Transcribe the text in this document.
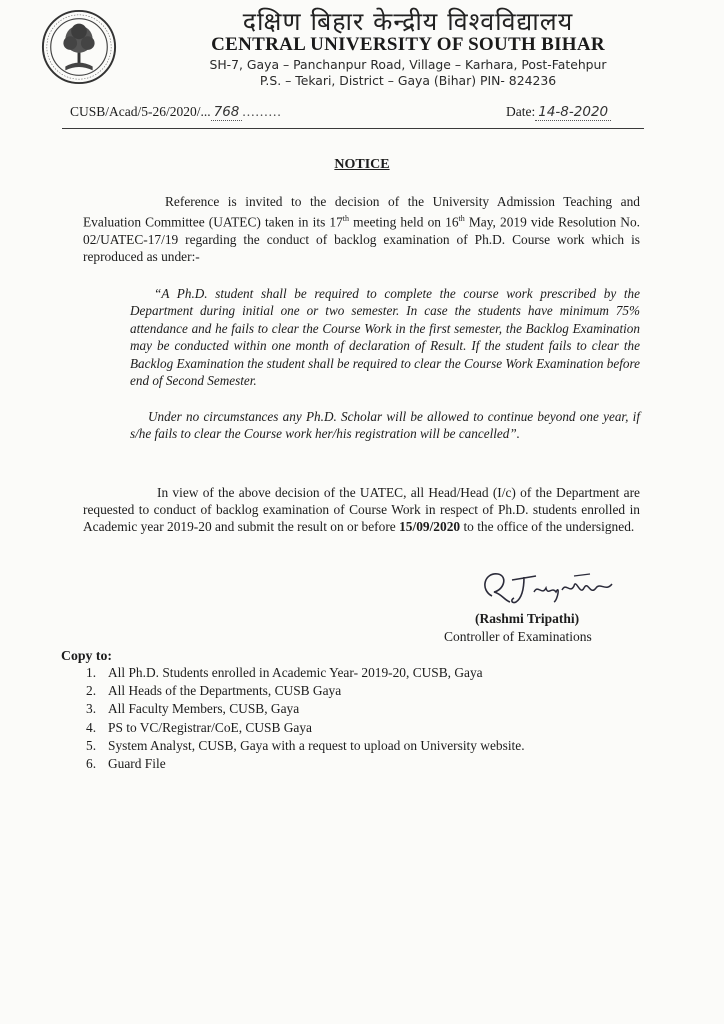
दक्षिण बिहार केन्द्रीय विश्वविद्यालय
CENTRAL UNIVERSITY OF SOUTH BIHAR
SH-7, Gaya – Panchanpur Road, Village – Karhara, Post-Fatehpur
P.S. – Tekari, District – Gaya (Bihar) PIN- 824236
CUSB/Acad/5-26/2020/... 768 .........	Date: 14-8-2020
NOTICE
Reference is invited to the decision of the University Admission Teaching and Evaluation Committee (UATEC) taken in its 17th meeting held on 16th May, 2019 vide Resolution No. 02/UATEC-17/19 regarding the conduct of backlog examination of Ph.D. Course work which is reproduced as under:-
“A Ph.D. student shall be required to complete the course work prescribed by the Department during initial one or two semester. In case the students have minimum 75% attendance and he fails to clear the Course Work in the first semester, the Backlog Examination may be conducted within one month of declaration of Result. If the student fails to clear the Backlog Examination the student shall be required to clear the Course Work Examination before end of Second Semester.
Under no circumstances any Ph.D. Scholar will be allowed to continue beyond one year, if s/he fails to clear the Course work her/his registration will be cancelled”.
In view of the above decision of the UATEC, all Head/Head (I/c) of the Department are requested to conduct of backlog examination of Course Work in respect of Ph.D. students enrolled in Academic year 2019-20 and submit the result on or before 15/09/2020 to the office of the undersigned.
(Rashmi Tripathi)
Controller of Examinations
Copy to:
1. All Ph.D. Students enrolled in Academic Year- 2019-20, CUSB, Gaya
2. All Heads of the Departments, CUSB Gaya
3. All Faculty Members, CUSB, Gaya
4. PS to VC/Registrar/CoE, CUSB Gaya
5. System Analyst, CUSB, Gaya with a request to upload on University website.
6. Guard File
